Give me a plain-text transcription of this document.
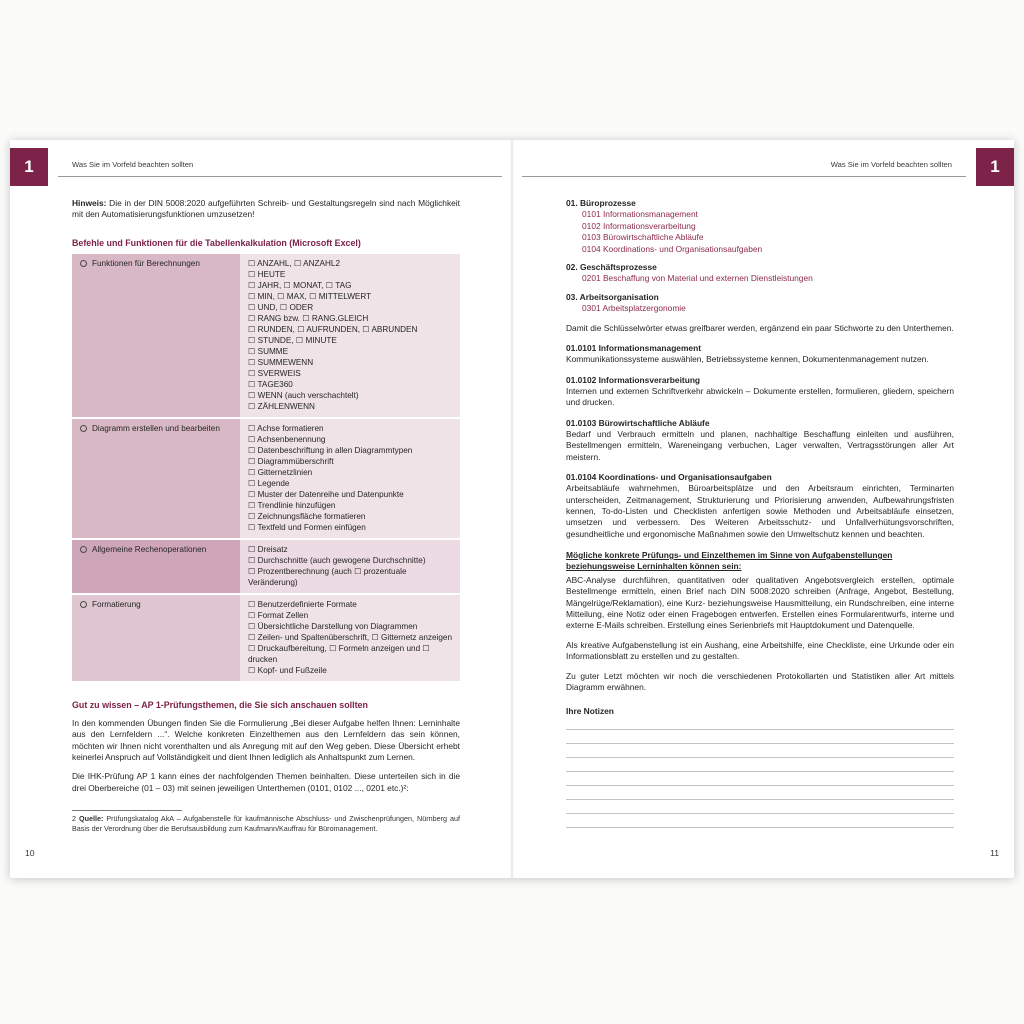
1	1
Was Sie im Vorfeld beachten sollten	Was Sie im Vorfeld beachten sollten

Hinweis: Die in der DIN 5008:2020 aufgeführten Schreib- und Gestaltungsregeln sind nach Möglichkeit mit den Automatisierungsfunktionen umzusetzen!

Befehle und Funktionen für die Tabellenkalkulation (Microsoft Excel)
Funktionen für Berechnungen	☐ ANZAHL, ☐ ANZAHL2
☐ HEUTE
☐ JAHR, ☐ MONAT, ☐ TAG
☐ MIN, ☐ MAX, ☐ MITTELWERT
☐ UND, ☐ ODER
☐ RANG bzw. ☐ RANG.GLEICH
☐ RUNDEN, ☐ AUFRUNDEN, ☐ ABRUNDEN
☐ STUNDE, ☐ MINUTE
☐ SUMME
☐ SUMMEWENN
☐ SVERWEIS
☐ TAGE360
☐ WENN (auch verschachtelt)
☐ ZÄHLENWENN
Diagramm erstellen und bearbeiten	☐ Achse formatieren
☐ Achsenbenennung
☐ Datenbeschriftung in allen Diagrammtypen
☐ Diagrammüberschrift
☐ Gitternetzlinien
☐ Legende
☐ Muster der Datenreihe und Datenpunkte
☐ Trendlinie hinzufügen
☐ Zeichnungsfläche formatieren
☐ Textfeld und Formen einfügen
Allgemeine Rechenoperationen	☐ Dreisatz
☐ Durchschnitte (auch gewogene Durchschnitte)
☐ Prozentberechnung (auch ☐ prozentuale Veränderung)
Formatierung	☐ Benutzerdefinierte Formate
☐ Format Zellen
☐ Übersichtliche Darstellung von Diagrammen
☐ Zeilen- und Spaltenüberschrift, ☐ Gitternetz anzeigen
☐ Druckaufbereitung, ☐ Formeln anzeigen und ☐ drucken
☐ Kopf- und Fußzeile
Gut zu wissen – AP 1-Prüfungsthemen, die Sie sich anschauen sollten

In den kommenden Übungen finden Sie die Formulierung „Bei dieser Aufgabe helfen Ihnen: Lerninhalte aus den Lernfeldern ...“. Welche konkreten Einzelthemen aus den Lernfeldern das sein können, möchten wir Ihnen nicht vorenthalten und als Anregung mit auf den Weg geben. Diese Übersicht erhebt keinerlei Anspruch auf Vollständigkeit und dient Ihnen lediglich als Anhaltspunkt zum Lernen.

Die IHK-Prüfung AP 1 kann eines der nachfolgenden Themen beinhalten. Diese unterteilen sich in die drei Oberbereiche (01 – 03) mit seinen jeweiligen Unterthemen (0101, 0102 ..., 0201 etc.)²:

2 Quelle: Prüfungskatalog AkA – Aufgabenstelle für kaufmännische Abschluss- und Zwischenprüfungen, Nürnberg auf Basis der Verordnung über die Berufsausbildung zum Kaufmann/Kauffrau für Büromanagement.

10
01. Büroprozesse
0101 Informationsmanagement
0102 Informationsverarbeitung
0103 Bürowirtschaftliche Abläufe
0104 Koordinations- und Organisationsaufgaben
02. Geschäftsprozesse
0201 Beschaffung von Material und externen Dienstleistungen
03. Arbeitsorganisation
0301 Arbeitsplatzergonomie

Damit die Schlüsselwörter etwas greifbarer werden, ergänzend ein paar Stichworte zu den Unterthemen.

01.0101 Informationsmanagement
Kommunikationssysteme auswählen, Betriebssysteme kennen, Dokumentenmanagement nutzen.
01.0102 Informationsverarbeitung
Internen und externen Schriftverkehr abwickeln – Dokumente erstellen, formulieren, gliedern, speichern und drucken.
01.0103 Bürowirtschaftliche Abläufe
Bedarf und Verbrauch ermitteln und planen, nachhaltige Beschaffung einleiten und ausführen, Bestellmengen ermitteln, Wareneingang verbuchen, Lager verwalten, Vertragsstörungen aller Art meistern.
01.0104 Koordinations- und Organisationsaufgaben
Arbeitsabläufe wahrnehmen, Büroarbeitsplätze und den Arbeitsraum einrichten, Terminarten unterscheiden, Zeitmanagement, Strukturierung und Priorisierung anwenden, Aufbewahrungsfristen kennen, To-do-Listen und Checklisten anfertigen sowie Methoden und Arbeitsabläufe einsetzen, umsetzen und verbessern. Des Weiteren Arbeitsschutz- und Unfallverhütungsvorschriften, gesundheitliche und ergonomische Maßnahmen sowie den Umweltschutz kennen und beachten.
Mögliche konkrete Prüfungs- und Einzelthemen im Sinne von Aufgabenstellungen beziehungsweise Lerninhalten können sein:

ABC-Analyse durchführen, quantitativen oder qualitativen Angebotsvergleich erstellen, optimale Bestellmenge ermitteln, einen Brief nach DIN 5008:2020 schreiben (Anfrage, Angebot, Bestellung, Mängelrüge/Reklamation), eine Kurz- beziehungsweise Hausmitteilung, ein Rundschreiben, eine interne Mitteilung, eine Notiz oder einen Fragebogen entwerfen. Erstellen eines Formularentwurfs, interne und externe E-Mails schreiben. Erstellung eines Serienbriefs mit Hauptdokument und Datenquelle.

Als kreative Aufgabenstellung ist ein Aushang, eine Arbeitshilfe, eine Checkliste, eine Urkunde oder ein Informationsblatt zu erstellen und zu gestalten.

Zu guter Letzt möchten wir noch die verschiedenen Protokollarten und Statistiken aller Art mittels Diagramm erwähnen.

Ihre Notizen
11
